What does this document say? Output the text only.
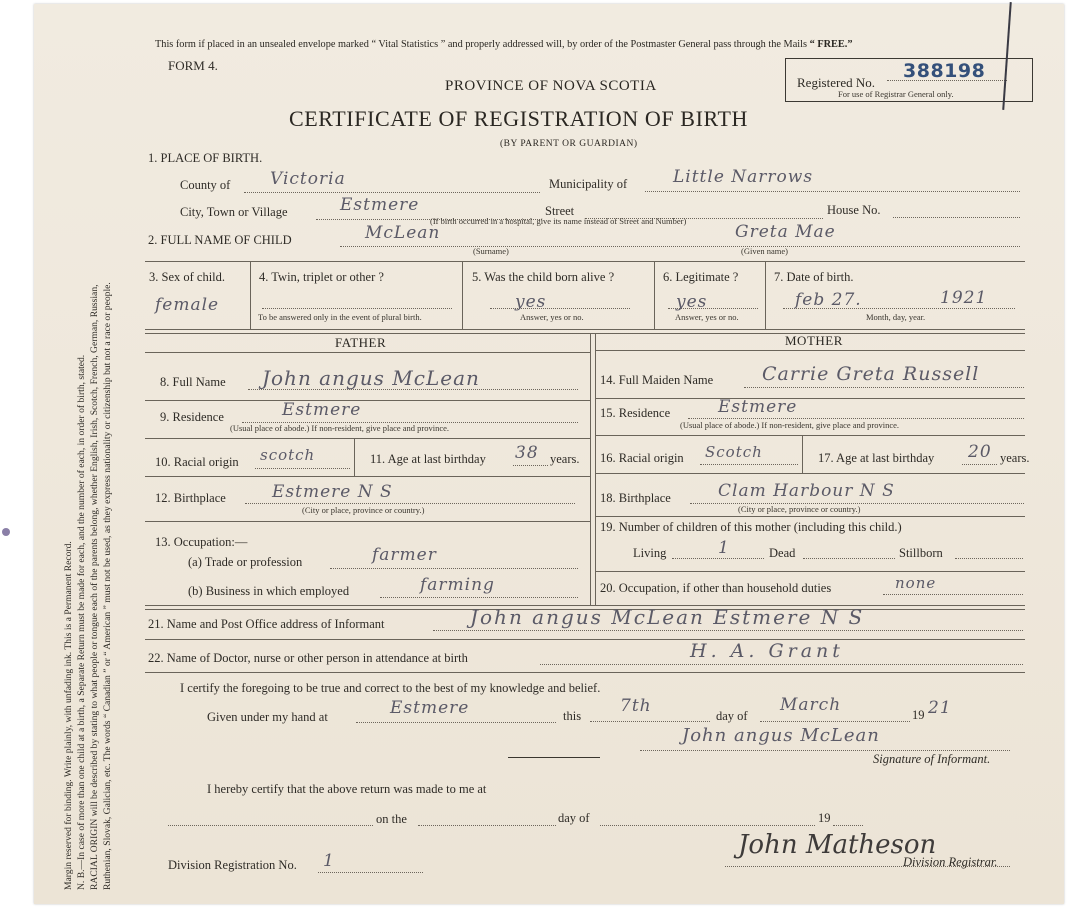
Margin reserved for binding. Write plainly, with unfading ink. This is a Permanent Record. N. B.—In case of more than one child at a birth, a Separate Return must be made for each, and the number of each, in order of birth, stated. RACIAL ORIGIN will be described by stating to what people or tongue each of the parents belong, whether English, Irish, Scotch, French, German, Russian, Ruthenian, Slovak, Galician, etc. The words “ Canadian ” or “ American ” must not be used, as they express nationality or citizenship but not a race or people.
This form if placed in an unsealed envelope marked “ Vital Statistics ” and properly addressed will, by order of the Postmaster General pass through the Mails “ FREE.”
FORM 4.
PROVINCE OF NOVA SCOTIA
CERTIFICATE OF REGISTRATION OF BIRTH
(BY PARENT OR GUARDIAN)
Registered No.
388198
For use of Registrar General only.
1. PLACE OF BIRTH.
County of Victoria	Municipality of	Little Narrows
City, Town or Village	Estmere	Street	House No.
(If birth occurred in a hospital, give its name instead of Street and Number)
2. FULL NAME OF CHILD	McLean
(Surname)
Greta Mae
(Given name)
3. Sex of child.
female
4. Twin, triplet or other ?
To be answered only in the event of plural birth.
5. Was the child born alive ?
yes
Answer, yes or no.
6. Legitimate ?
yes
Answer, yes or no.
7. Date of birth.
feb 27.	1921
Month, day, year.
FATHER	MOTHER
8. Full Name John angus McLean
9. Residence	Estmere
(Usual place of abode.) If non-resident, give place and province.
10. Racial origin scotch	11. Age at last birthday 38 years.
12. Birthplace	Estmere N S
(City or place, province or country.)
13. Occupation:—
(a) Trade or profession	farmer
(b) Business in which employed	farming
14. Full Maiden Name	Carrie Greta Russell
15. Residence	Estmere
(Usual place of abode.) If non-resident, give place and province.
16. Racial origin Scotch	17. Age at last birthday 20 years.
18. Birthplace	Clam Harbour N S
(City or place, province or country.)
19. Number of children of this mother (including this child.)
Living	1	Dead	Stillborn
20. Occupation, if other than household duties	none
21. Name and Post Office address of Informant	John angus McLean Estmere N S
22. Name of Doctor, nurse or other person in attendance at birth	H. A. Grant
I certify the foregoing to be true and correct to the best of my knowledge and belief.
Given under my hand at	Estmere	this 7th	day of
March	19 21
John angus McLean
Signature of Informant.
I hereby certify that the above return was made to me at
on the	day of	19
Division Registration No. 1
John Matheson
Division Registrar.
